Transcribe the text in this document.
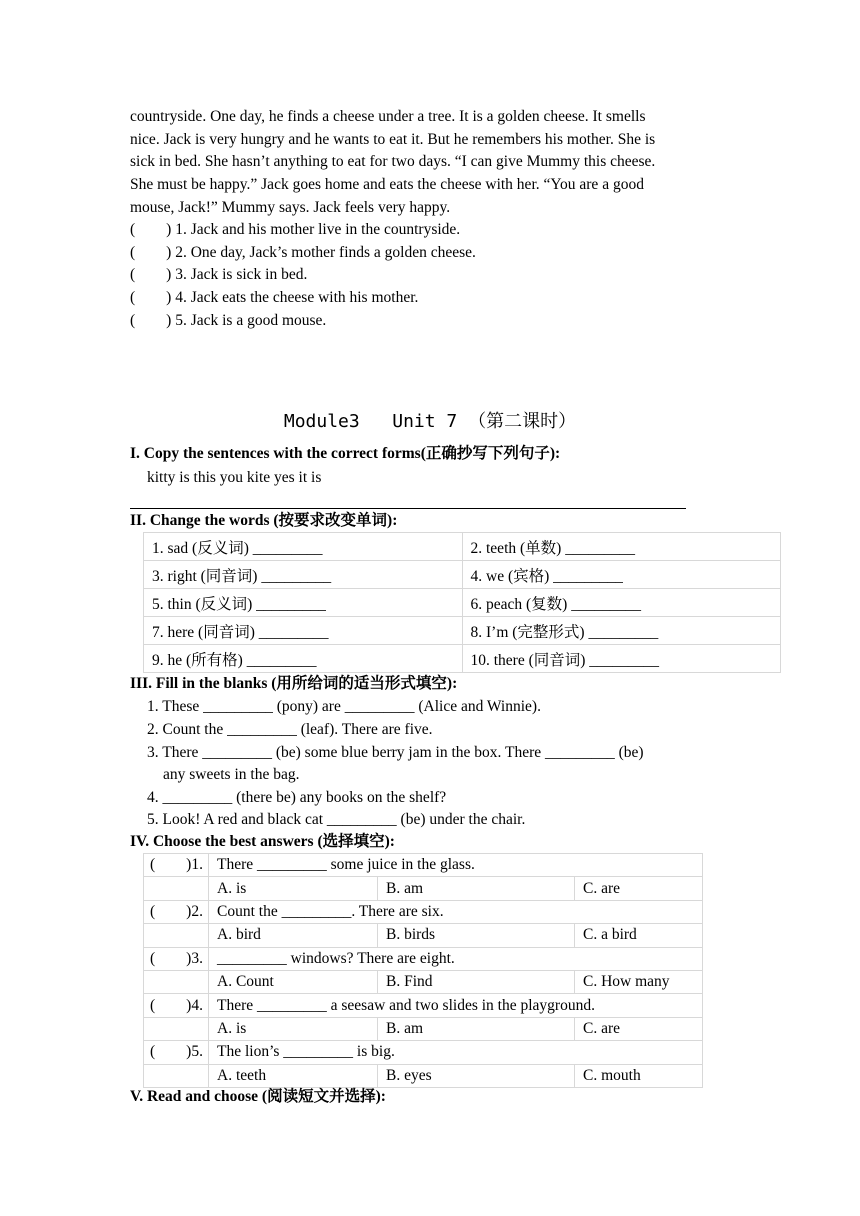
countryside. One day, he finds a cheese under a tree. It is a golden cheese. It smells
nice. Jack is very hungry and he wants to eat it. But he remembers his mother. She is
sick in bed. She hasn’t anything to eat for two days. “I can give Mummy this cheese.
She must be happy.” Jack goes home and eats the cheese with her. “You are a good
mouse, Jack!” Mummy says. Jack feels very happy.
(        ) 1. Jack and his mother live in the countryside.
(        ) 2. One day, Jack’s mother finds a golden cheese.
(        ) 3. Jack is sick in bed.
(        ) 4. Jack eats the cheese with his mother.
(        ) 5. Jack is a good mouse.
Module3   Unit 7 （第二课时）
I. Copy the sentences with the correct forms(正确抄写下列句子):
kitty is this you kite yes it is
II. Change the words (按要求改变单词):
1. sad (反义词) _________	2. teeth (单数) _________
3. right (同音词) _________	4. we (宾格) _________
5. thin (反义词) _________	6. peach (复数) _________
7. here (同音词) _________	8. I’m (完整形式) _________
9. he (所有格) _________	10. there (同音词) _________
III. Fill in the blanks (用所给词的适当形式填空):
1. These _________ (pony) are _________ (Alice and Winnie).
2. Count the _________ (leaf). There are five.
3. There _________ (be) some blue berry jam in the box. There _________ (be)
any sweets in the bag.
4. _________ (there be) any books on the shelf?
5. Look! A red and black cat _________ (be) under the chair.
IV. Choose the best answers (选择填空):
(        )1.	There _________ some juice in the glass.		
	A. is	B. am	C. are
(        )2.	Count the _________. There are six.		
	A. bird	B. birds	C. a bird
(        )3.	_________ windows? There are eight.		
	A. Count	B. Find	C. How many
(        )4.	There _________ a seesaw and two slides in the playground.		
	A. is	B. am	C. are
(        )5.	The lion’s _________ is big.		
	A. teeth	B. eyes	C. mouth
V. Read and choose (阅读短文并选择):
